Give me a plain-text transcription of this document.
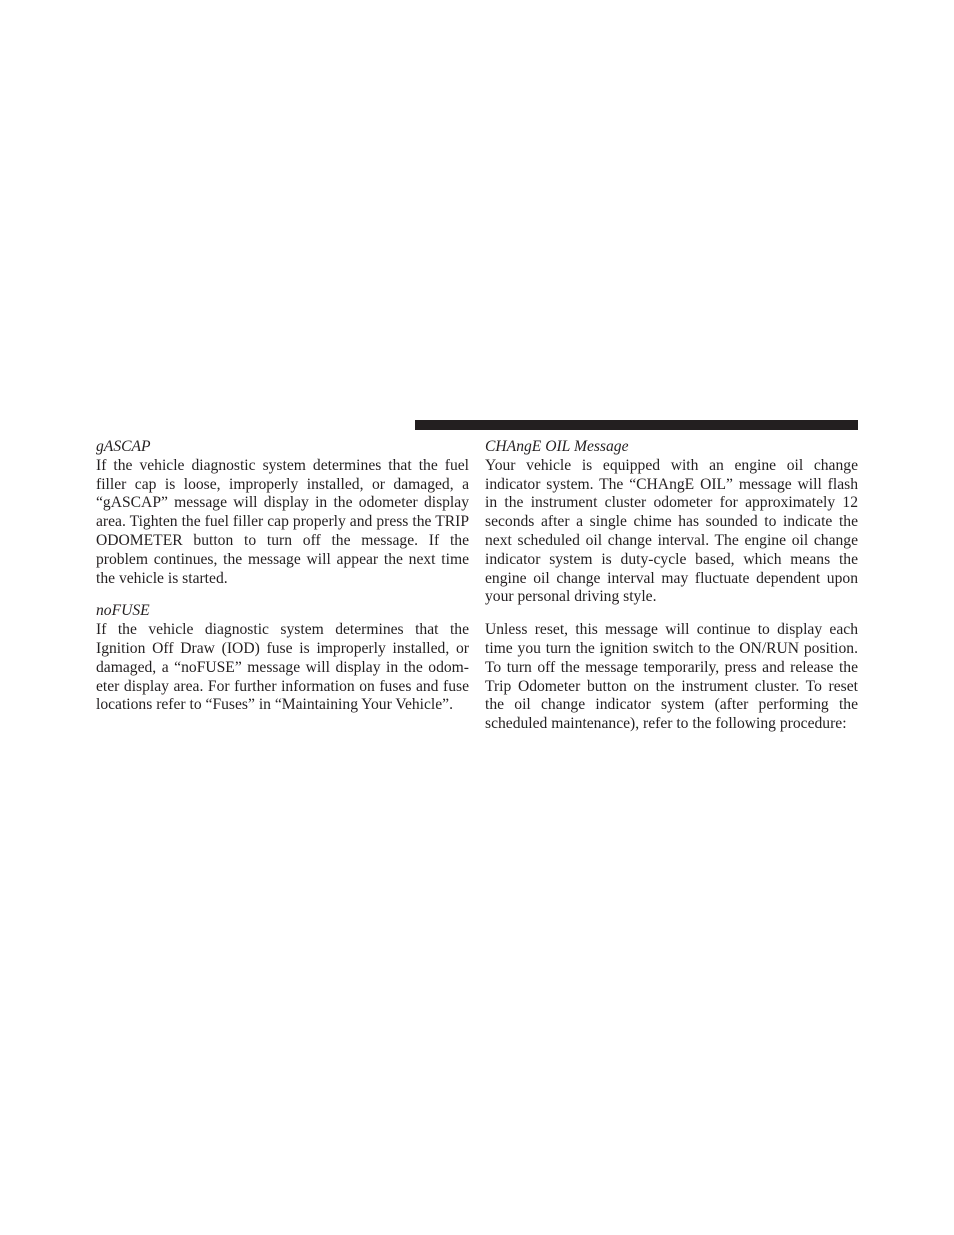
gASCAP

If the vehicle diagnostic system determines that the fuel filler cap is loose, improperly installed, or damaged, a “gASCAP” message will display in the odometer display area. Tighten the fuel filler cap properly and press the TRIP ODOMETER button to turn off the message. If the problem continues, the message will appear the next time the vehicle is started.

noFUSE

If the vehicle diagnostic system determines that the Ignition Off Draw (IOD) fuse is improperly installed, or damaged, a “noFUSE” message will display in the odom-eter display area. For further information on fuses and fuse locations refer to “Fuses” in “Maintaining Your Vehicle”.

CHAngE OIL Message

Your vehicle is equipped with an engine oil change indicator system. The “CHAngE OIL” message will flash in the instrument cluster odometer for approximately 12 seconds after a single chime has sounded to indicate the next scheduled oil change interval. The engine oil change indicator system is duty-cycle based, which means the engine oil change interval may fluctuate dependent upon your personal driving style.

Unless reset, this message will continue to display each time you turn the ignition switch to the ON/RUN position. To turn off the message temporarily, press and release the Trip Odometer button on the instrument cluster. To reset the oil change indicator system (after performing the scheduled maintenance), refer to the following procedure:
